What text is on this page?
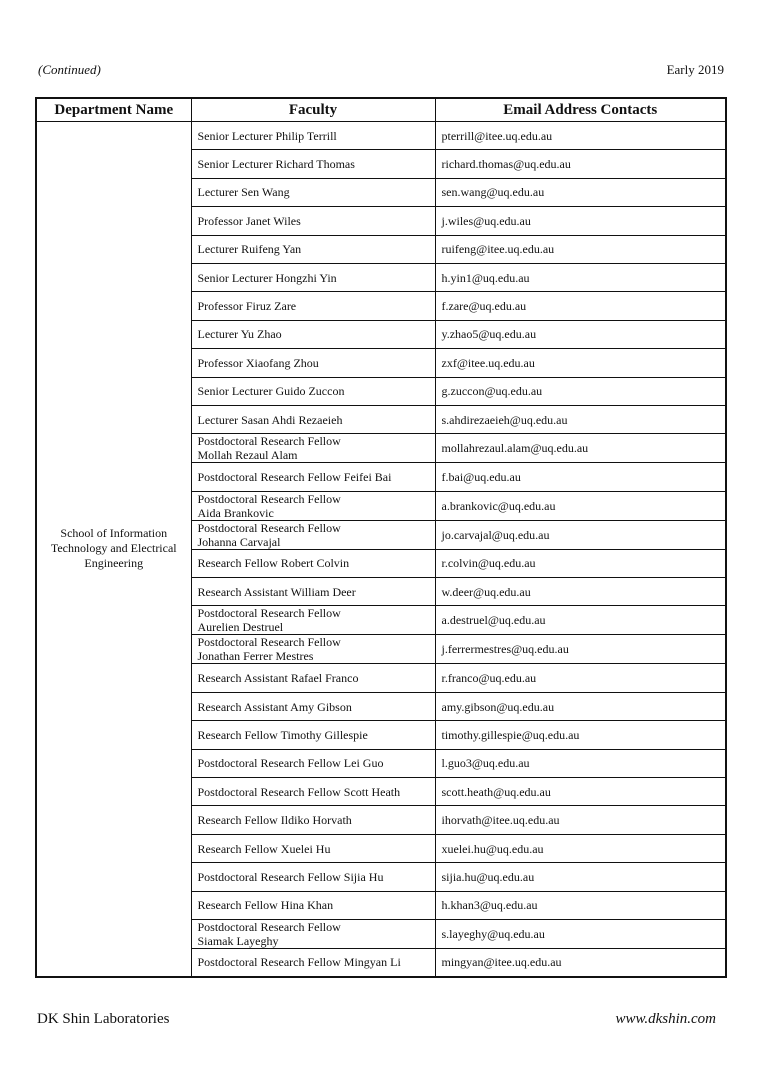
(Continued)	Early 2019
Department Name	Faculty	Email Address Contacts

School of Information
Technology and Electrical
Engineering	Senior Lecturer Philip Terrill	pterrill@itee.uq.edu.au

	Senior Lecturer Richard Thomas	richard.thomas@uq.edu.au

	Lecturer Sen Wang	sen.wang@uq.edu.au

	Professor Janet Wiles	j.wiles@uq.edu.au

	Lecturer Ruifeng Yan	ruifeng@itee.uq.edu.au

	Senior Lecturer Hongzhi Yin	h.yin1@uq.edu.au

	Professor Firuz Zare	f.zare@uq.edu.au

	Lecturer Yu Zhao	y.zhao5@uq.edu.au

	Professor Xiaofang Zhou	zxf@itee.uq.edu.au

	Senior Lecturer Guido Zuccon	g.zuccon@uq.edu.au

	Lecturer Sasan Ahdi Rezaeieh	s.ahdirezaeieh@uq.edu.au

	Postdoctoral Research Fellow
Mollah Rezaul Alam	mollahrezaul.alam@uq.edu.au

	Postdoctoral Research Fellow Feifei Bai	f.bai@uq.edu.au

	Postdoctoral Research Fellow
Aida Brankovic	a.brankovic@uq.edu.au

	Postdoctoral Research Fellow
Johanna Carvajal	jo.carvajal@uq.edu.au

	Research Fellow Robert Colvin	r.colvin@uq.edu.au

	Research Assistant William Deer	w.deer@uq.edu.au

	Postdoctoral Research Fellow
Aurelien Destruel	a.destruel@uq.edu.au

	Postdoctoral Research Fellow
Jonathan Ferrer Mestres	j.ferrermestres@uq.edu.au

	Research Assistant Rafael Franco	r.franco@uq.edu.au

	Research Assistant Amy Gibson	amy.gibson@uq.edu.au

	Research Fellow Timothy Gillespie	timothy.gillespie@uq.edu.au

	Postdoctoral Research Fellow Lei Guo	l.guo3@uq.edu.au

	Postdoctoral Research Fellow Scott Heath	scott.heath@uq.edu.au

	Research Fellow Ildiko Horvath	ihorvath@itee.uq.edu.au

	Research Fellow Xuelei Hu	xuelei.hu@uq.edu.au

	Postdoctoral Research Fellow Sijia Hu	sijia.hu@uq.edu.au

	Research Fellow Hina Khan	h.khan3@uq.edu.au

	Postdoctoral Research Fellow
Siamak Layeghy	s.layeghy@uq.edu.au

	Postdoctoral Research Fellow Mingyan Li	mingyan@itee.uq.edu.au
DK Shin Laboratories	www.dkshin.com
